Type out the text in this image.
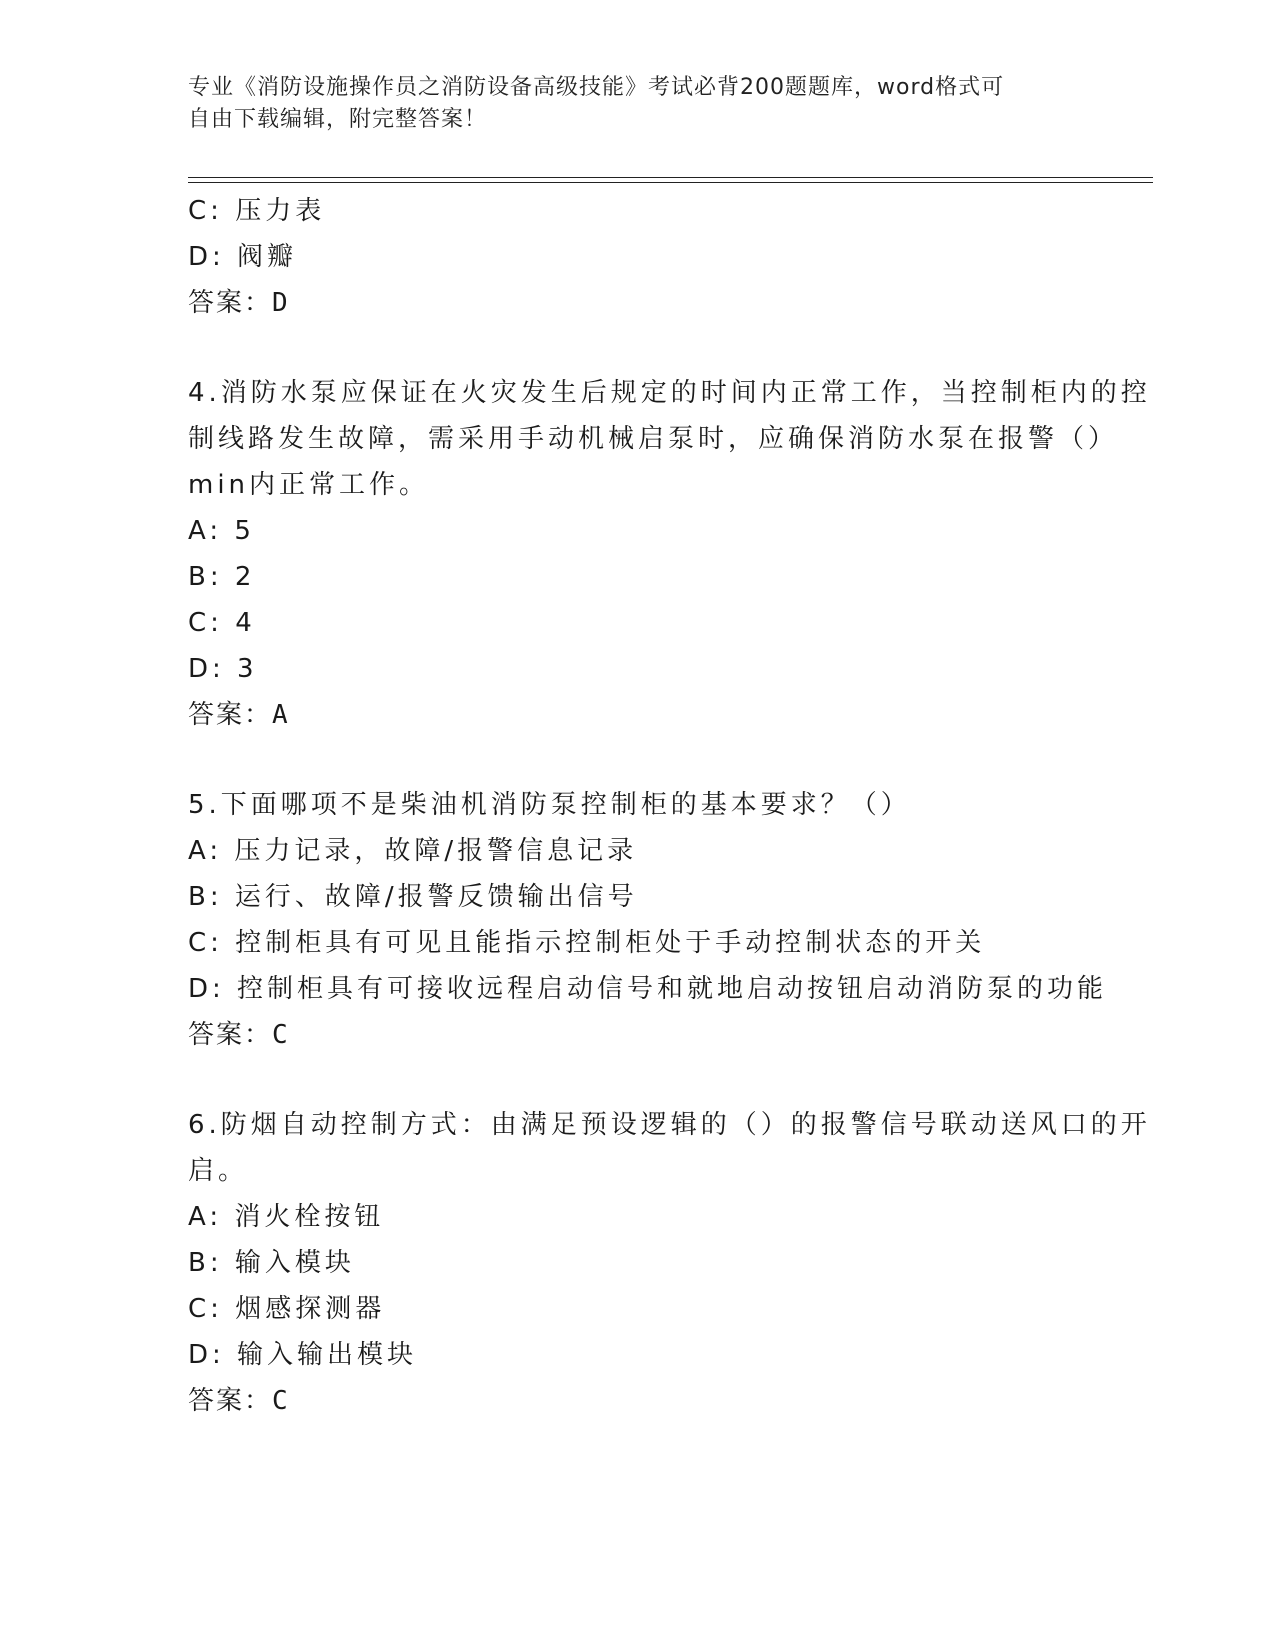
专业《消防设施操作员之消防设备高级技能》考试必背200题题库，word格式可
自由下载编辑，附完整答案！
C: 压力表
D: 阀瓣
答案：D
4.消防水泵应保证在火灾发生后规定的时间内正常工作，当控制柜内的控制线路发生故障，需采用手动机械启泵时，应确保消防水泵在报警（）min内正常工作。
A: 5
B: 2
C: 4
D: 3
答案：A
5.下面哪项不是柴油机消防泵控制柜的基本要求？（）
A: 压力记录，故障/报警信息记录
B: 运行、故障/报警反馈输出信号
C: 控制柜具有可见且能指示控制柜处于手动控制状态的开关
D: 控制柜具有可接收远程启动信号和就地启动按钮启动消防泵的功能
答案：C
6.防烟自动控制方式：由满足预设逻辑的（）的报警信号联动送风口的开启。
A: 消火栓按钮
B: 输入模块
C: 烟感探测器
D: 输入输出模块
答案：C
